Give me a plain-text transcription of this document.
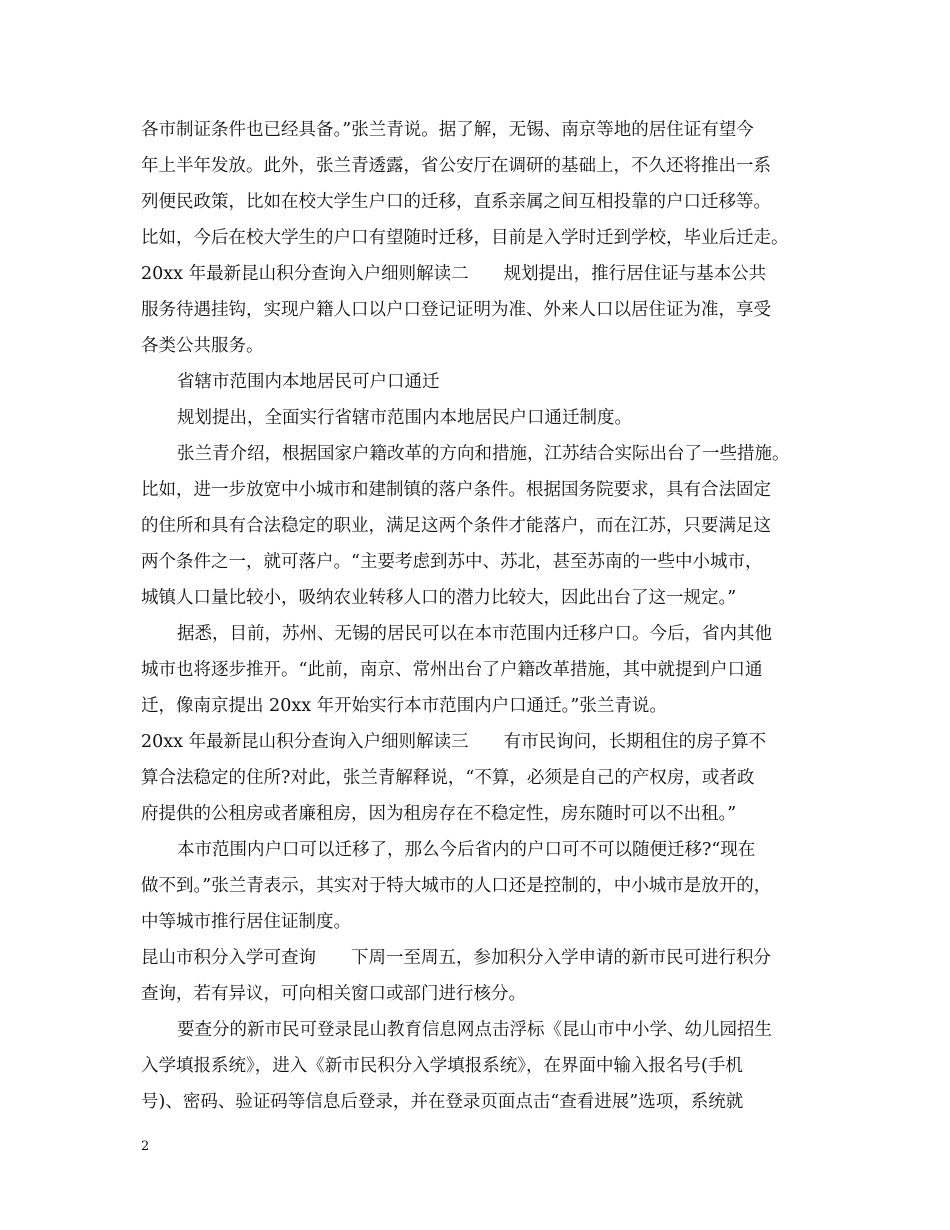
各市制证条件也已经具备。”张兰青说。据了解，无锡、南京等地的居住证有望今
年上半年发放。此外，张兰青透露，省公安厅在调研的基础上，不久还将推出一系
列便民政策，比如在校大学生户口的迁移，直系亲属之间互相投靠的户口迁移等。
比如，今后在校大学生的户口有望随时迁移，目前是入学时迁到学校，毕业后迁走。
20xx 年最新昆山积分查询入户细则解读二　　规划提出，推行居住证与基本公共
服务待遇挂钩，实现户籍人口以户口登记证明为准、外来人口以居住证为准，享受
各类公共服务。
省辖市范围内本地居民可户口通迁
规划提出，全面实行省辖市范围内本地居民户口通迁制度。
张兰青介绍，根据国家户籍改革的方向和措施，江苏结合实际出台了一些措施。
比如，进一步放宽中小城市和建制镇的落户条件。根据国务院要求，具有合法固定
的住所和具有合法稳定的职业，满足这两个条件才能落户，而在江苏，只要满足这
两个条件之一，就可落户。“主要考虑到苏中、苏北，甚至苏南的一些中小城市，
城镇人口量比较小，吸纳农业转移人口的潜力比较大，因此出台了这一规定。”
据悉，目前，苏州、无锡的居民可以在本市范围内迁移户口。今后，省内其他
城市也将逐步推开。“此前，南京、常州出台了户籍改革措施，其中就提到户口通
迁，像南京提出 20xx 年开始实行本市范围内户口通迁。”张兰青说。
20xx 年最新昆山积分查询入户细则解读三　　有市民询问，长期租住的房子算不
算合法稳定的住所?对此，张兰青解释说，“不算，必须是自己的产权房，或者政
府提供的公租房或者廉租房，因为租房存在不稳定性，房东随时可以不出租。”
本市范围内户口可以迁移了，那么今后省内的户口可不可以随便迁移?“现在
做不到。”张兰青表示，其实对于特大城市的人口还是控制的，中小城市是放开的，
中等城市推行居住证制度。
昆山市积分入学可查询　　下周一至周五，参加积分入学申请的新市民可进行积分
查询，若有异议，可向相关窗口或部门进行核分。
要查分的新市民可登录昆山教育信息网点击浮标《昆山市中小学、幼儿园招生
入学填报系统》，进入《新市民积分入学填报系统》，在界面中输入报名号(手机
号)、密码、验证码等信息后登录，并在登录页面点击“查看进展”选项，系统就
2
